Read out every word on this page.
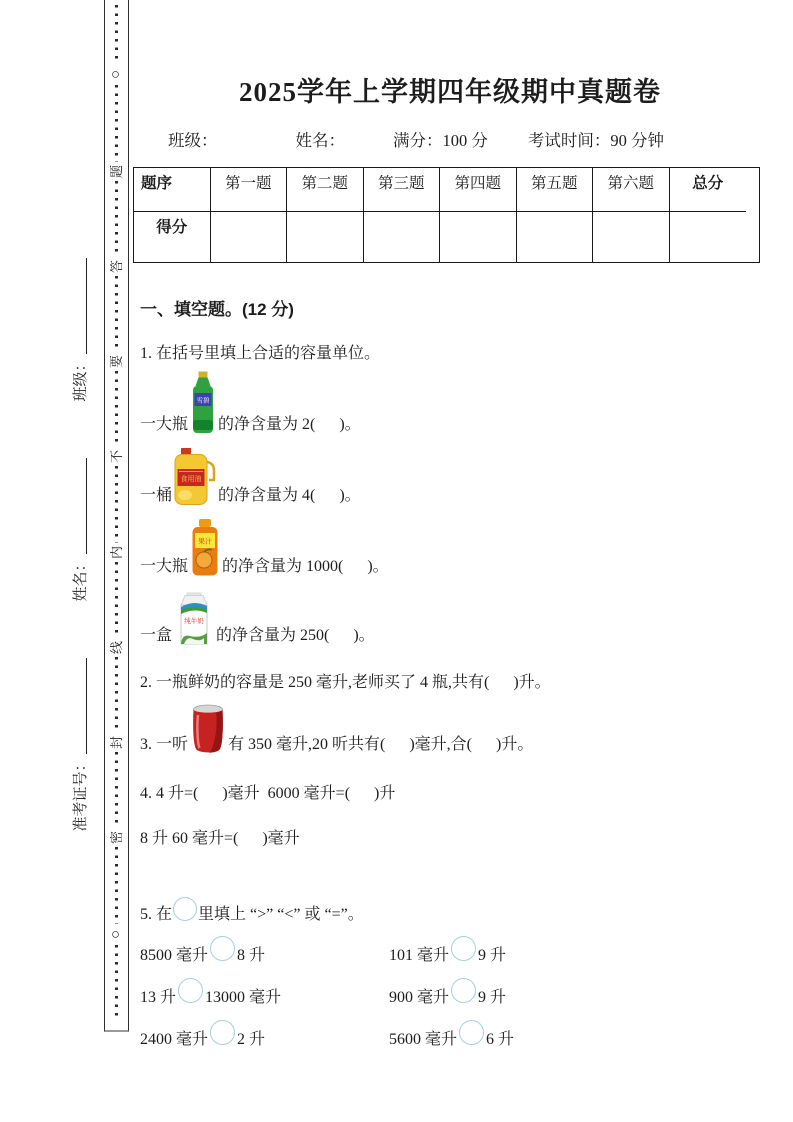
班级：
姓名：
准考证号：
○
题
答
要
不
内
线
封
密
○
2025学年上学期四年级期中真题卷
班级：	姓名：	满分：100 分 考试时间：90 分钟
题序	第一题	第二题	第三题	第四题	第五题	第六题	总分
得分
一、填空题。(12 分)
1. 在括号里填上合适的容量单位。
一大瓶
雪碧
的净含量为 2(      )。
一桶
食用油
的净含量为 4(      )。
一大瓶
果汁
的净含量为 1000(      )。
一盒
纯牛奶
的净含量为 250(      )。
2. 一瓶鲜奶的容量是 250 毫升,老师买了 4 瓶,共有(      )升。
3. 一听	有 350 毫升,20 听共有(      )毫升,合(      )升。
4. 4 升=(      )毫升  6000 毫升=(      )升
8 升 60 毫升=(      )毫升
5. 在 里填上 “>” “<” 或 “=”。
8500 毫升 8 升	101 毫升 9 升
13 升 13000 毫升	900 毫升 9 升
2400 毫升 2 升	5600 毫升 6 升
